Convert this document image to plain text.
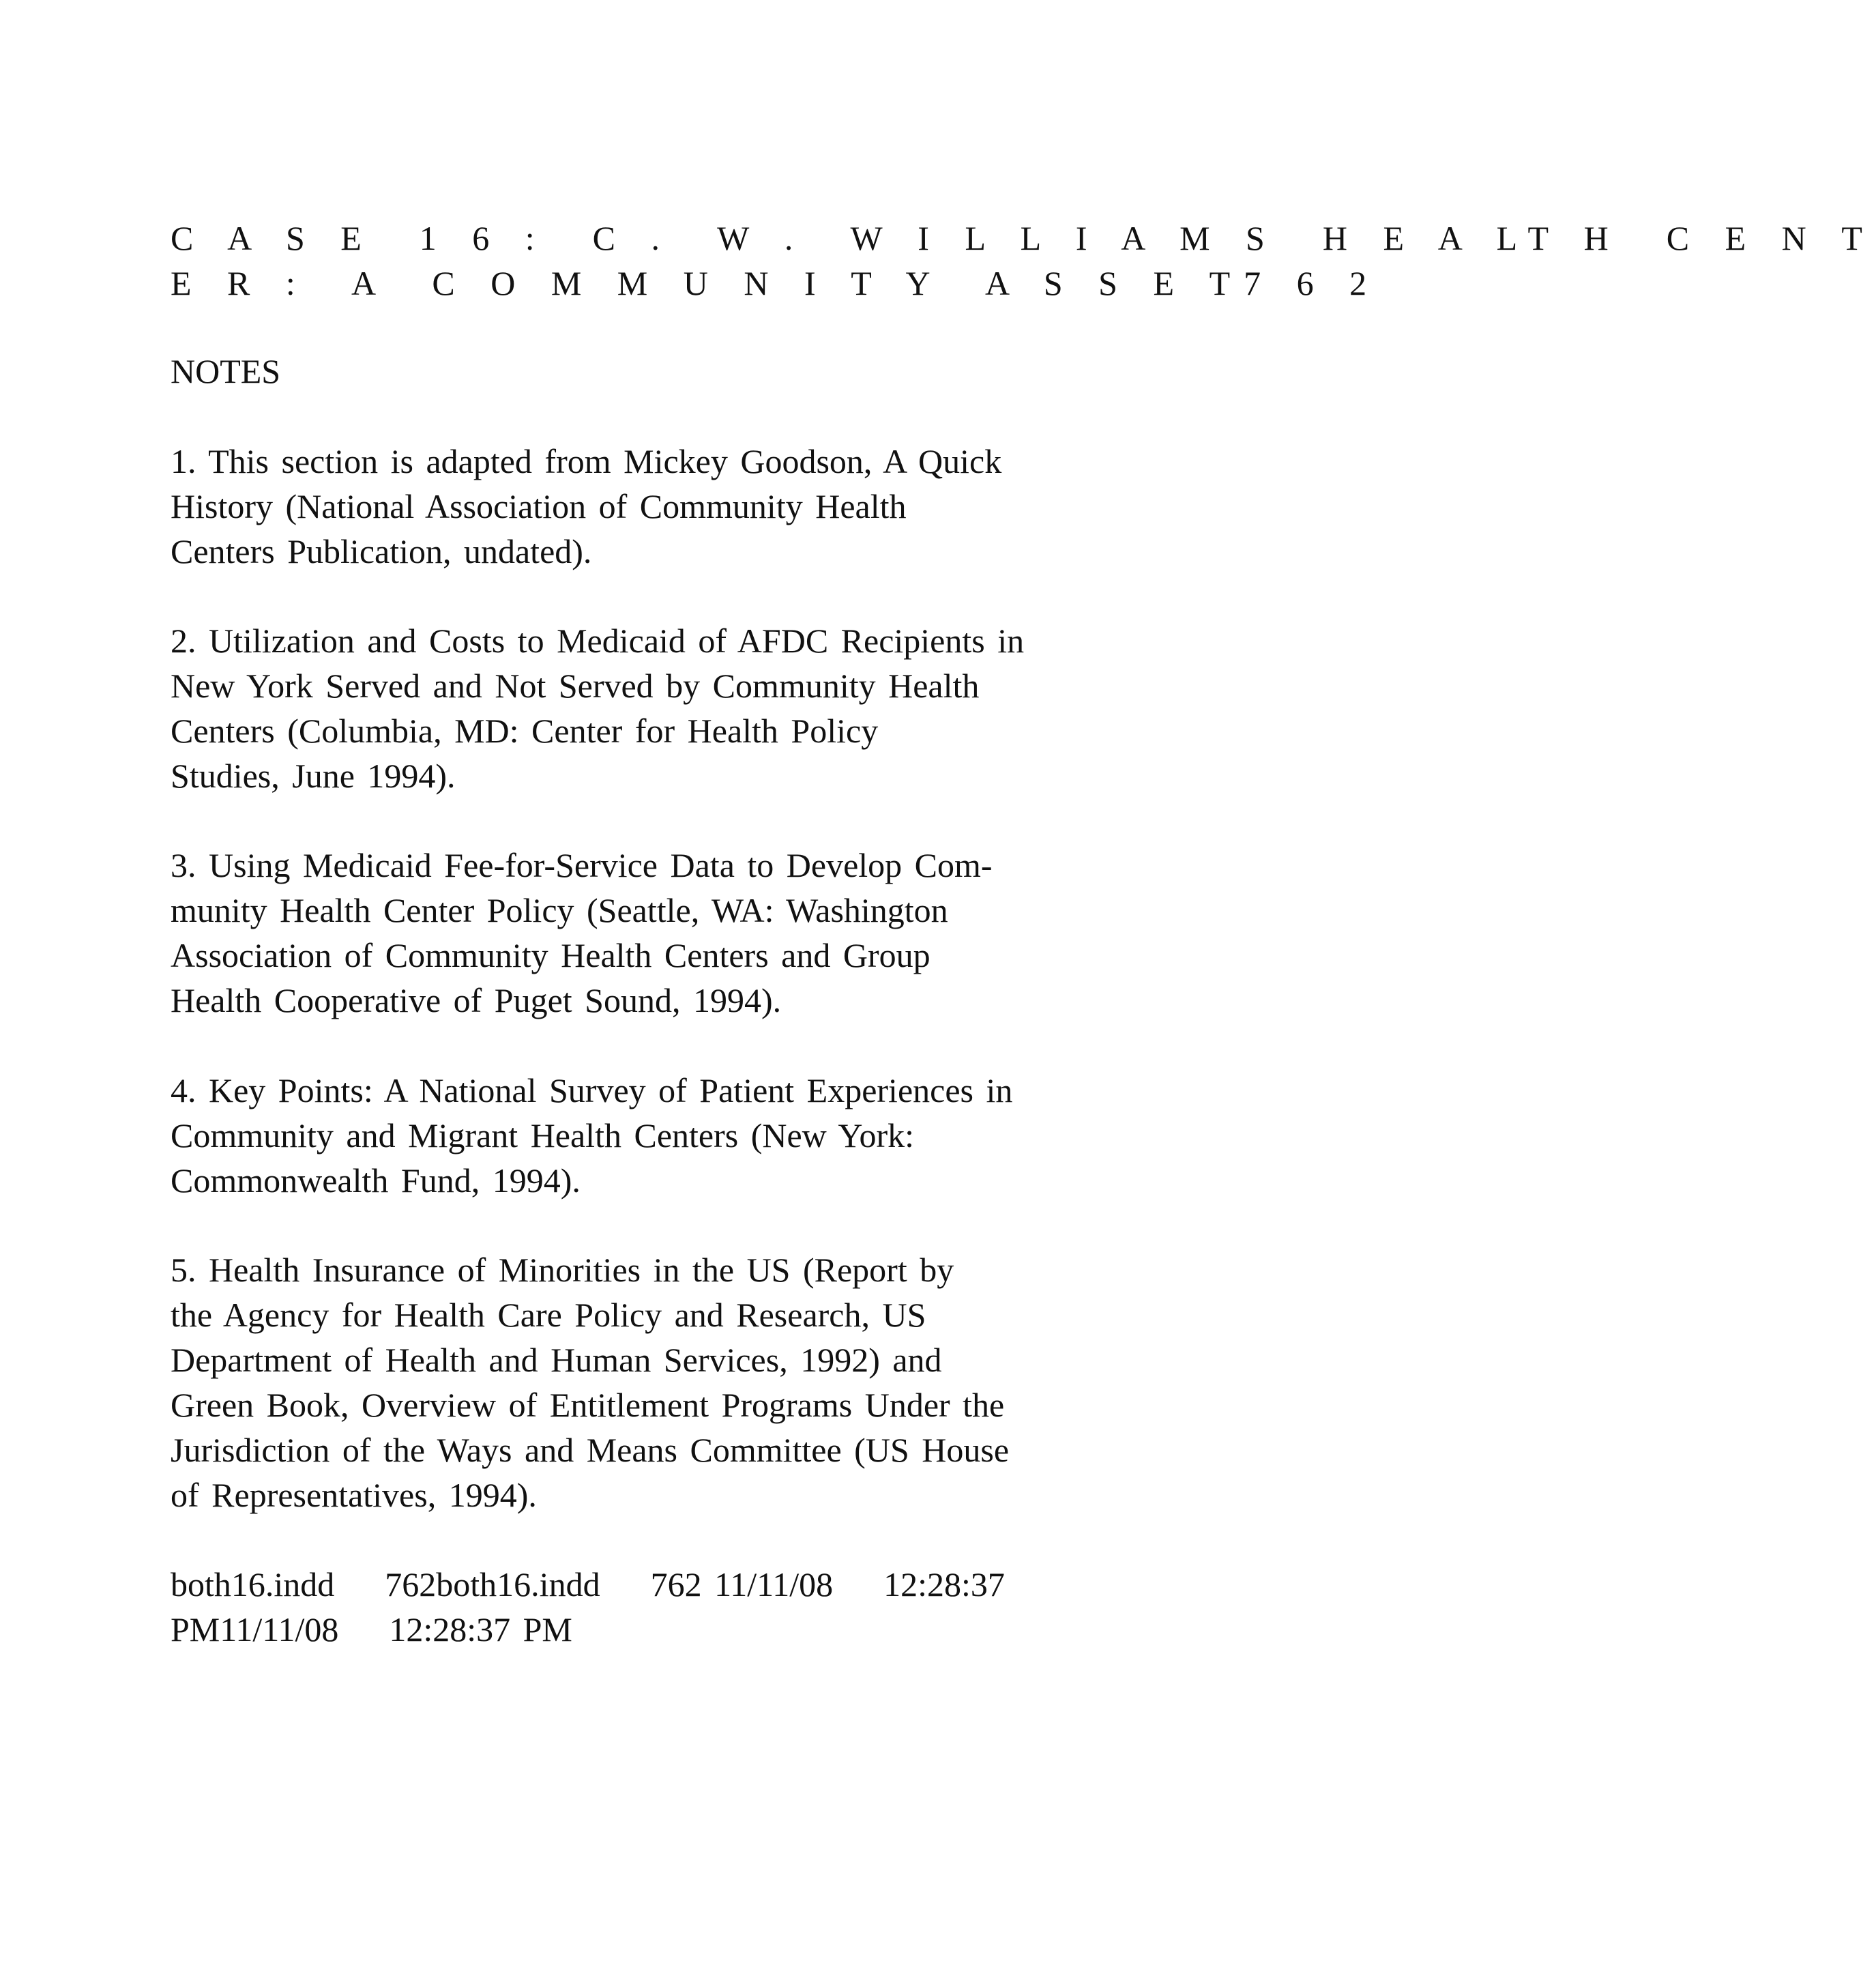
C A S E  1 6 :  C .  W .  W I L L I A M S  H E A LT H  C E N T
E R :  A  C O M M U N I T Y  A S S E T7 6 2
NOTES
1. This section is adapted from Mickey Goodson, A Quick
History (National Association of Community Health
Centers Publication, undated).
2. Utilization and Costs to Medicaid of AFDC Recipients in
New York Served and Not Served by Community Health
Centers (Columbia, MD: Center for Health Policy
Studies, June 1994).
3. Using Medicaid Fee-for-Service Data to Develop Com-
munity Health Center Policy (Seattle, WA: Washington
Association of Community Health Centers and Group
Health Cooperative of Puget Sound, 1994).
4. Key Points: A National Survey of Patient Experiences in
Community and Migrant Health Centers (New York:
Commonwealth Fund, 1994).
5. Health Insurance of Minorities in the US (Report by
the Agency for Health Care Policy and Research, US
Department of Health and Human Services, 1992) and
Green Book, Overview of Entitlement Programs Under the
Jurisdiction of the Ways and Means Committee (US House
of Representatives, 1994).
both16.indd    762both16.indd    762 11/11/08    12:28:37
PM11/11/08    12:28:37 PM
